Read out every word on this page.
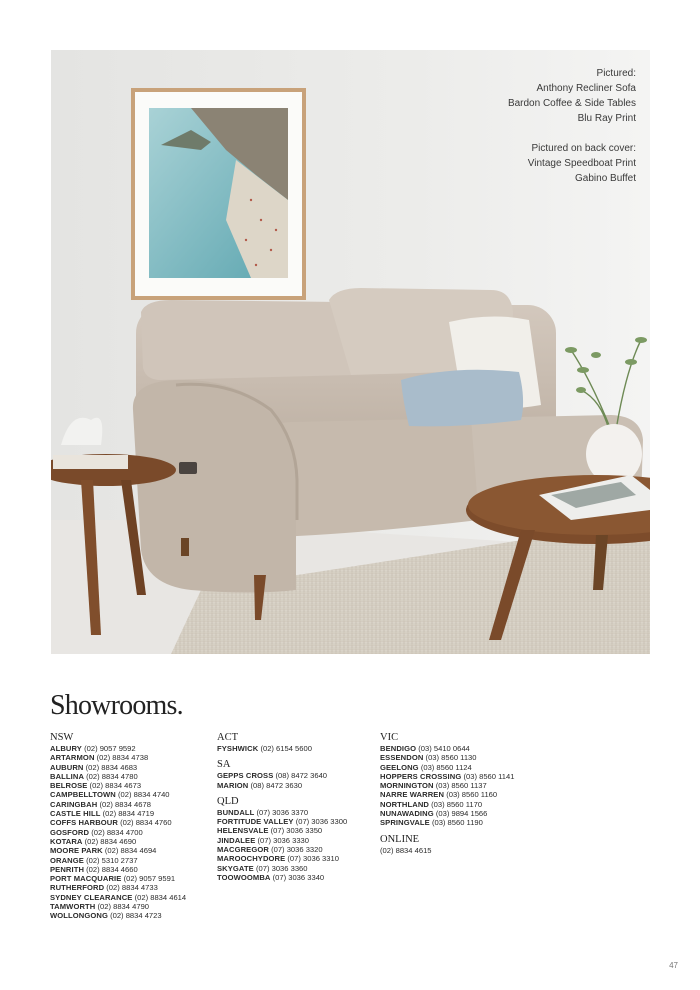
Pictured:
Anthony Recliner Sofa
Bardon Coffee & Side Tables
Blu Ray Print
Pictured on back cover:
Vintage Speedboat Print
Gabino Buffet
Showrooms.
NSW
ALBURY (02) 9057 9592
ARTARMON (02) 8834 4738
AUBURN (02) 8834 4683
BALLINA (02) 8834 4780
BELROSE (02) 8834 4673
CAMPBELLTOWN (02) 8834 4740
CARINGBAH (02) 8834 4678
CASTLE HILL (02) 8834 4719
COFFS HARBOUR (02) 8834 4760
GOSFORD (02) 8834 4700
KOTARA (02) 8834 4690
MOORE PARK (02) 8834 4694
ORANGE (02) 5310 2737
PENRITH (02) 8834 4660
PORT MACQUARIE (02) 9057 9591
RUTHERFORD (02) 8834 4733
SYDNEY CLEARANCE (02) 8834 4614
TAMWORTH (02) 8834 4790
WOLLONGONG (02) 8834 4723
ACT
FYSHWICK (02) 6154 5600
SA
GEPPS CROSS (08) 8472 3640
MARION (08) 8472 3630
QLD
BUNDALL (07) 3036 3370
FORTITUDE VALLEY (07) 3036 3300
HELENSVALE (07) 3036 3350
JINDALEE (07) 3036 3330
MACGREGOR (07) 3036 3320
MAROOCHYDORE (07) 3036 3310
SKYGATE (07) 3036 3360
TOOWOOMBA (07) 3036 3340
VIC
BENDIGO (03) 5410 0644
ESSENDON (03) 8560 1130
GEELONG (03) 8560 1124
HOPPERS CROSSING (03) 8560 1141
MORNINGTON (03) 8560 1137
NARRE WARREN (03) 8560 1160
NORTHLAND (03) 8560 1170
NUNAWADING (03) 9894 1566
SPRINGVALE (03) 8560 1190
ONLINE
(02) 8834 4615
47
